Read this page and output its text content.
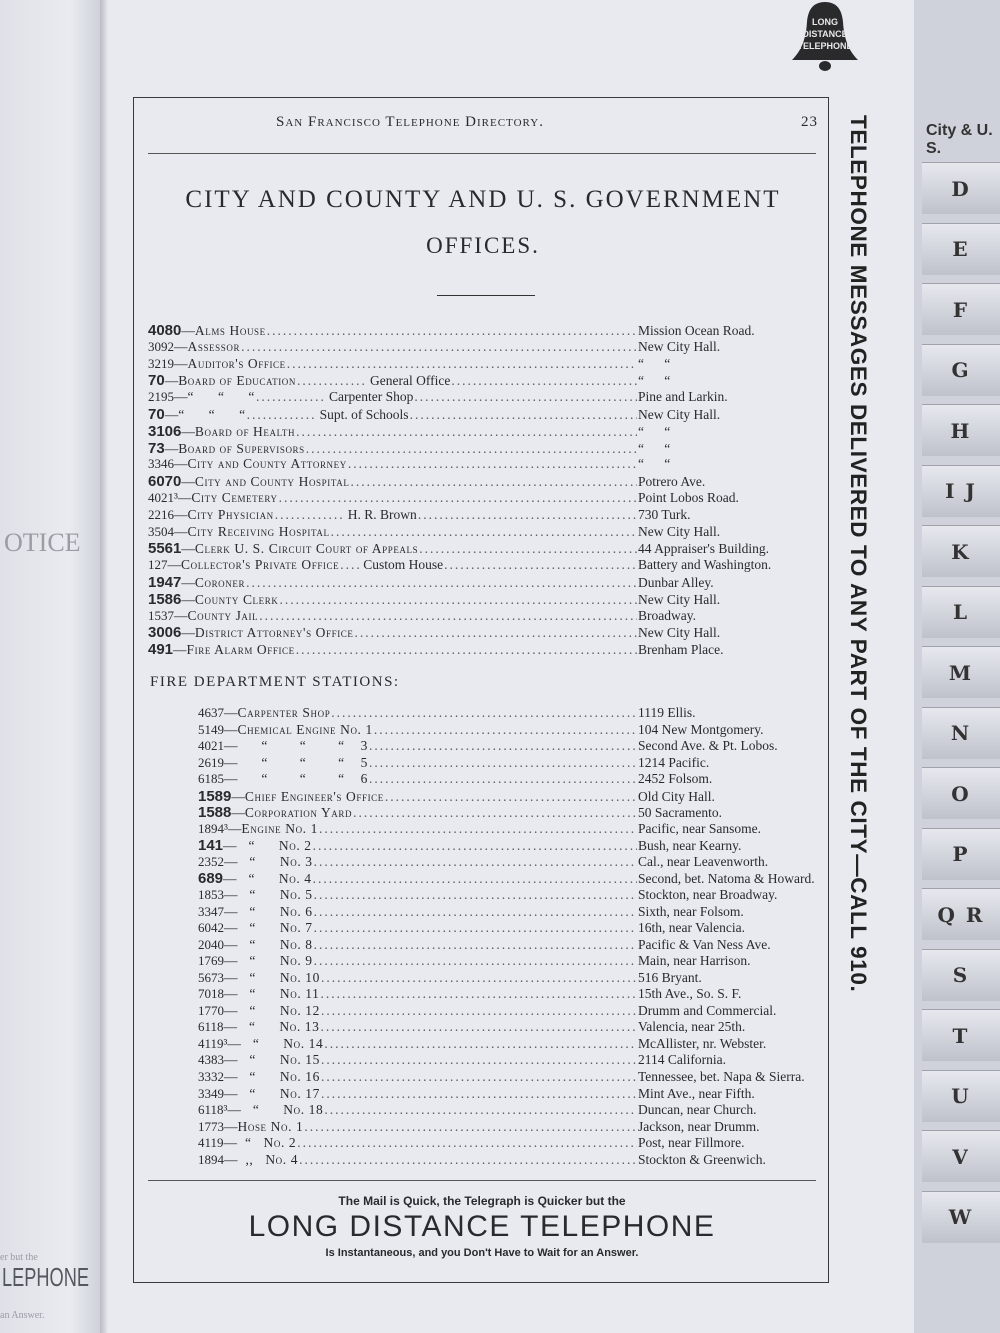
OTICE
er but the
LEPHONE
an Answer.
LONG
DISTANCE
TELEPHONE
San Francisco Telephone Directory.	23
CITY AND COUNTY AND U. S. GOVERNMENT
OFFICES.
4080 — Alms House .....	Mission Ocean Road.
3092 — Assessor .....	New City Hall.
3219 — Auditor's Office .....	“      “
70 — Board of Education .....	General Office .....	“      “
2195 — “      “      “ .....	Carpenter Shop .....	Pine and Larkin.
70 — “      “      “ .....	Supt. of Schools .....	New City Hall.
3106 — Board of Health .....	“      “
73 — Board of Supervisors .....	“      “
3346 — City and County Attorney .....	“      “
6070 — City and County Hospital .....	Potrero Ave.
4021³ — City Cemetery .....	Point Lobos Road.
2216 — City Physician .....	H. R. Brown .....	730 Turk.
3504 — City Receiving Hospital .....	New City Hall.
5561 — Clerk U. S. Circuit Court of Appeals .....	44 Appraiser's Building.
127 — Collector's Private Office ..... Custom House .....	Battery and Washington.
1947 — Coroner .....	Dunbar Alley.
1586 — County Clerk .....	New City Hall.
1537 — County Jail .....	Broadway.
3006 — District Attorney's Office .....	New City Hall.
491 — Fire Alarm Office .....	Brenham Place.
FIRE DEPARTMENT STATIONS:
4637 — Carpenter Shop .....	1119 Ellis.
5149 — Chemical Engine No. 1 .....	104 New Montgomery.
4021 — “        “        “    3 .....	Second Ave. & Pt. Lobos.
2619 — “        “        “    5 .....	1214 Pacific.
6185 — “        “        “    6 .....	2452 Folsom.
1589 — Chief Engineer's Office .....	Old City Hall.
1588 — Corporation Yard .....	50 Sacramento.
1894³ — Engine No. 1 .....	Pacific, near Sansome.
141 — “      No. 2 .....	Bush, near Kearny.
2352 — “      No. 3 .....	Cal., near Leavenworth.
689 — “      No. 4 .....	Second, bet. Natoma & Howard.
1853 — “      No. 5 .....	Stockton, near Broadway.
3347 — “      No. 6 .....	Sixth, near Folsom.
6042 — “      No. 7 .....	16th, near Valencia.
2040 — “      No. 8 .....	Pacific & Van Ness Ave.
1769 — “      No. 9 .....	Main, near Harrison.
5673 — “      No. 10 .....	516 Bryant.
7018 — “      No. 11 .....	15th Ave., So. S. F.
1770 — “      No. 12 .....	Drumm and Commercial.
6118 — “      No. 13 .....	Valencia, near 25th.
4119³ — “      No. 14 .....	McAllister, nr. Webster.
4383 — “      No. 15 .....	2114 California.
3332 — “      No. 16 .....	Tennessee, bet. Napa & Sierra.
3349 — “      No. 17 .....	Mint Ave., near Fifth.
6118³ — “      No. 18 .....	Duncan, near Church.
1773 — Hose No. 1 .....	Jackson, near Drumm.
4119 — “   No. 2 .....	Post, near Fillmore.
1894 — ,,   No. 4 .....	Stockton & Greenwich.
The Mail is Quick, the Telegraph is Quicker but the
LONG DISTANCE TELEPHONE
Is Instantaneous, and you Don't Have to Wait for an Answer.
TELEPHONE MESSAGES DELIVERED TO ANY PART OF THE CITY—CALL 910.	D
E
F
G
H
I J
K
L
M
N
O
P
Q R
S
T
U
V
W
City & U. S.
